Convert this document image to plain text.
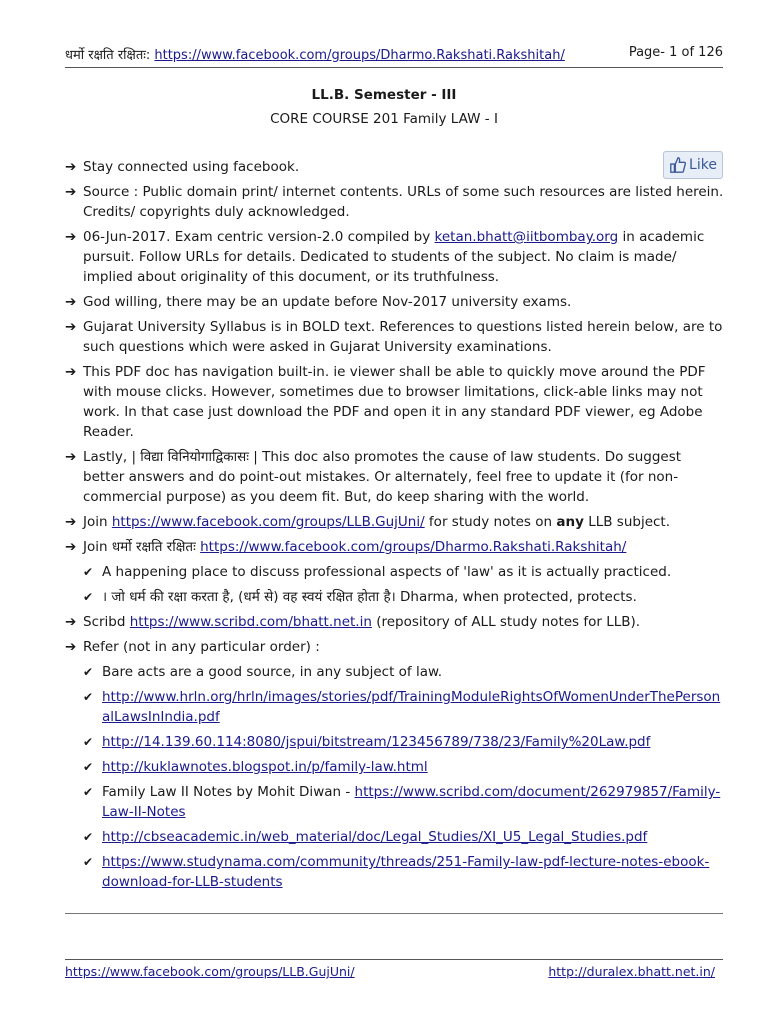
धर्मो रक्षति रक्षितः: https://www.facebook.com/groups/Dharmo.Rakshati.Rakshitah/	Page- 1 of 126
LL.B. Semester - III
CORE COURSE 201 Family LAW - I
Like
➔ Stay connected using facebook.
➔ Source : Public domain print/ internet contents. URLs of some such resources are listed herein. Credits/ copyrights duly acknowledged.
➔ 06-Jun-2017. Exam centric version-2.0 compiled by ketan.bhatt@iitbombay.org in academic pursuit. Follow URLs for details. Dedicated to students of the subject. No claim is made/ implied about originality of this document, or its truthfulness.
➔ God willing, there may be an update before Nov-2017 university exams.
➔ Gujarat University Syllabus is in BOLD text. References to questions listed herein below, are to such questions which were asked in Gujarat University examinations.
➔ This PDF doc has navigation built-in. ie viewer shall be able to quickly move around the PDF with mouse clicks. However, sometimes due to browser limitations, click-able links may not work. In that case just download the PDF and open it in any standard PDF viewer, eg Adobe Reader.
➔ Lastly, | विद्या विनियोगाद्विकासः | This doc also promotes the cause of law students. Do suggest better answers and do point-out mistakes. Or alternately, feel free to update it (for non-commercial purpose) as you deem fit. But, do keep sharing with the world.
➔ Join https://www.facebook.com/groups/LLB.GujUni/ for study notes on any LLB subject.
➔ Join धर्मो रक्षति रक्षितः https://www.facebook.com/groups/Dharmo.Rakshati.Rakshitah/
✔ A happening place to discuss professional aspects of 'law' as it is actually practiced.
✔ । जो धर्म की रक्षा करता है, (धर्म से) वह स्वयं रक्षित होता है। Dharma, when protected, protects.
➔ Scribd https://www.scribd.com/bhatt.net.in (repository of ALL study notes for LLB).
➔ Refer (not in any particular order) :
✔ Bare acts are a good source, in any subject of law.
✔ http://www.hrln.org/hrln/images/stories/pdf/TrainingModuleRightsOfWomenUnderThePersonalLawsInIndia.pdf
✔ http://14.139.60.114:8080/jspui/bitstream/123456789/738/23/Family%20Law.pdf
✔ http://kuklawnotes.blogspot.in/p/family-law.html
✔ Family Law II Notes by Mohit Diwan - https://www.scribd.com/document/262979857/Family-Law-II-Notes
✔ http://cbseacademic.in/web_material/doc/Legal_Studies/XI_U5_Legal_Studies.pdf
✔ https://www.studynama.com/community/threads/251-Family-law-pdf-lecture-notes-ebook-download-for-LLB-students
https://www.facebook.com/groups/LLB.GujUni/	http://duralex.bhatt.net.in/
